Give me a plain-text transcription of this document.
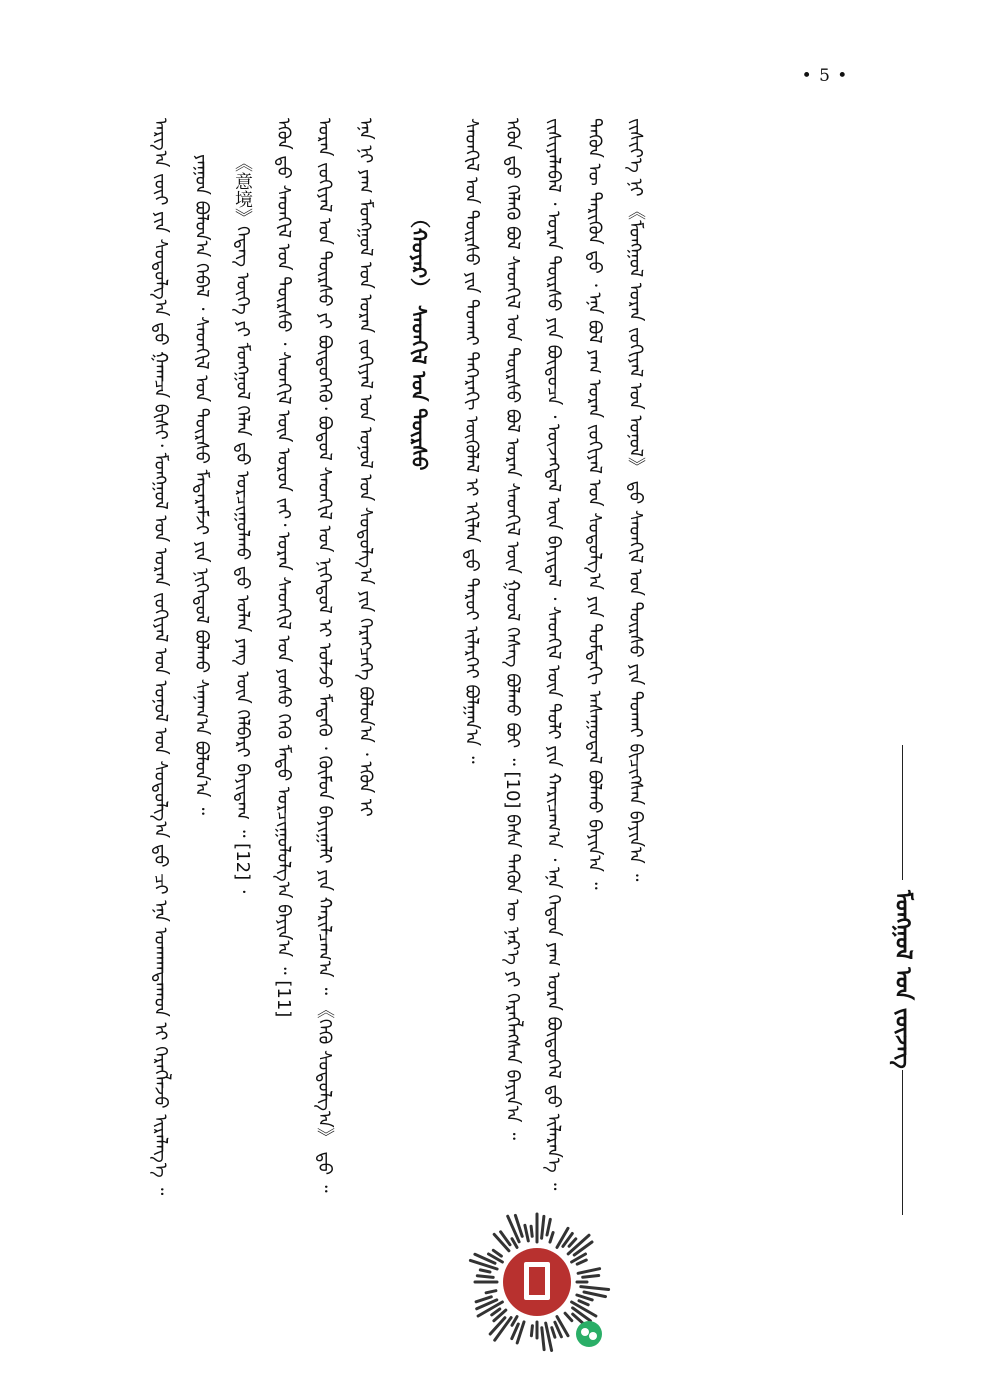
• 5 •
ᠮᠣᠩᠭᠣᠯ ᠤᠨ ᠵᠦᠵᠡᠭ

ᠠᠷᠭ᠎ᠠ ᠵᠦᠢ ᠶᠢᠨ ᠰᠤᠳᠤᠯᠭ᠎ᠠ ᠳ᠋ᠤ᠌ ᠭᠠᠭᠴᠠ ᠪᠢᠰᠢ᠂ ᠮᠣᠩᠭᠣᠯ ᠤᠨ ᠤᠷᠠᠨ ᠵᠣᠬᠢᠶᠠᠯ ᠤᠨ ᠣᠨᠣᠯ ᠤᠨ ᠰᠤᠳᠤᠯᠭ᠎ᠠ ᠳ᠋ᠤ᠌ ᠴᠢ ᠡᠨᠡ ᠤᠬᠠᠭᠳᠠᠬᠤᠨ ᠢ ᠬᠡᠷᠡᠭᠯᠡᠵᠦ ᠢᠷᠡᠯᠡᠭ᠎ᠡ ᠃	ᠶᠠᠭᠤᠨ ᠪᠤᠯᠤᠨ᠎ᠠ ᠭᠡᠪᠡᠯ ᠂ ᠰᠡᠳᠬᠢᠯ ᠤᠨ ᠳᠦᠷᠰᠦ ᠮᠡᠳᠡᠷᠡᠮᠵᠢ ᠶᠢᠨ ᠨᠢᠭᠡᠳᠦᠯ ᠪᠣᠯᠬᠤ ᠰᠠᠨᠠᠭ᠎ᠠ ᠪᠣᠯᠤᠨ᠎ᠠ ᠃	《意境》ᠭᠡᠳᠡᠭ ᠦᠭᠡ ᠶᠢ ᠮᠣᠩᠭᠣᠯ ᠬᠡᠯᠡᠨ ᠳ᠋ᠦ᠍ ᠣᠷᠴᠢᠭᠤᠯᠬᠤ ᠳ᠋ᠤ᠌ ᠣᠯᠠᠨ ᠶᠠᠩ ᠦᠨ ᠬᠡᠯᠪᠡᠷᠢ ᠪᠠᠶᠢᠳᠠᠭ ᠃ [12] ᠂	ᠡᠭᠦᠨ ᠳ᠋ᠦ᠍ ᠰᠡᠳᠬᠢᠯ ᠤᠨ ᠳᠦᠷᠰᠦ ᠂ ᠰᠡᠳᠬᠢᠯ ᠦᠨ ᠣᠷᠣᠨ ᠵᠠᠶ᠂ ᠤᠷᠠᠨ ᠰᠡᠳᠬᠢᠯ ᠤᠨ ᠶᠣᠰᠣ ᠭᠡᠬᠦ ᠮᠡᠲᠦ ᠣᠷᠴᠢᠭᠤᠯᠤᠯᠭ᠎ᠠ ᠪᠠᠶᠢᠨ᠎ᠠ ᠃ [11]	ᠤᠷᠠᠨ ᠵᠣᠬᠢᠶᠠᠯ ᠤᠨ ᠳᠦᠷᠰᠦ ᠶᠢ ᠪᠦᠲᠦᠭᠡᠬᠦ᠂ ᠪᠤᠳᠤᠯ ᠰᠡᠳᠬᠢᠯ ᠤᠨ ᠨᠢᠭᠡᠳᠦᠯ ᠢ ᠣᠯᠵᠤ ᠮᠡᠳᠡᠬᠦ ᠂ ᠬᠦᠮᠦᠨ ᠪᠠᠶᠢᠭᠠᠯᠢ ᠶᠢᠨ ᠬᠠᠷᠢᠯᠴᠠᠭ᠎ᠠ ᠃ 《ᠭᠡᠬᠦ ᠰᠤᠳᠤᠯᠭ᠎ᠠ》 ᠳ᠋ᠤ᠌ ᠃	ᠡᠨᠡ ᠨᠢ ᠶᠠᠭ ᠮᠣᠩᠭᠣᠯ ᠤᠨ ᠤᠷᠠᠨ ᠵᠣᠬᠢᠶᠠᠯ ᠤᠨ ᠣᠨᠣᠯ ᠤᠨ ᠰᠤᠳᠤᠯᠭ᠎ᠠ ᠶᠢᠨ ᠬᠡᠷᠡᠭᠴᠡᠭᠡ ᠪᠣᠯᠤᠨ᠎ᠠ ᠂ ᠡᠭᠦᠨ ᠢ	（ᠬᠣᠶᠠᠷ） ᠰᠡᠳᠬᠢᠯ ᠤᠨ ᠳᠦᠷᠰᠦ	ᠰᠡᠳᠬᠢᠯ ᠤᠨ ᠳᠦᠷᠰᠦ ᠶᠢᠨ ᠲᠤᠬᠠᠢ ᠳᠡᠭᠡᠷᠡᠬᠢ ᠥᠭᠦᠯᠡᠯ ᠢ ᠡᠬᠢᠯᠡᠨ ᠳ᠋ᠦ᠍ ᠳᠠᠷᠤᠢ ᠢᠯᠡᠷᠬᠡᠢ ᠪᠣᠯᠭᠠᠨ᠎ᠠ ᠃	ᠡᠭᠦᠨ ᠳ᠋ᠦ᠍ ᠬᠡᠯᠡᠬᠦ ᠪᠣᠯ ᠰᠡᠳᠬᠢᠯ ᠤᠨ ᠳᠦᠷᠰᠦ ᠪᠣᠯ ᠤᠷᠠᠨ ᠰᠡᠳᠬᠢᠯ ᠦᠨ ᠭᠣᠣᠯ ᠬᠡᠰᠡᠭ ᠪᠣᠯᠬᠤ ᠪᠤᠢ ᠃ [10] ᠪᠠᠰᠠ ᠲᠡᠭᠦᠨ ᠦ ᠨᠡᠷ᠎ᠡ ᠶᠢ ᠬᠡᠷᠡᠭᠯᠡᠭᠰᠡᠨ ᠪᠠᠶᠢᠨ᠎ᠠ ᠃	ᠵᠢᠱᠢᠶᠡᠯᠡᠪᠡᠯ ᠂ ᠤᠷᠠᠨ ᠳᠦᠷᠰᠦ ᠶᠢᠨ ᠪᠦᠲᠦᠴᠡ ᠂ ᠦᠵᠡᠭᠳᠡᠯ ᠦᠨ ᠪᠠᠶᠢᠳᠠᠯ ᠂ ᠰᠡᠳᠬᠢᠯ ᠦᠨ ᠲᠣᠯᠢ ᠶᠢᠨ ᠬᠠᠷᠢᠴᠠᠭ᠎ᠠ ᠂ ᠡᠨᠡ ᠬᠡᠳᠦᠨ ᠶᠠᠭ ᠤᠷᠠᠨ ᠪᠦᠲᠦᠭᠡᠯ ᠳ᠋ᠦ᠍ ᠢᠯᠡᠷᠡᠨ᠎ᠡ ᠃	ᠲᠡᠭᠦᠨ ᠦ ᠲᠡᠷᠢᠭᠦᠨ ᠳ᠋ᠦ᠍ ᠂ ᠡᠨᠡ ᠪᠣᠯ ᠶᠠᠭ ᠤᠷᠠᠨ ᠵᠣᠬᠢᠶᠠᠯ ᠤᠨ ᠰᠤᠳᠤᠯᠭ᠎ᠠ ᠶᠢᠨ ᠳᠤᠮᠳᠠᠬᠢ ᠠᠰᠠᠭᠤᠳᠠᠯ ᠪᠣᠯᠬᠤ ᠪᠠᠶᠢᠨ᠎ᠠ ᠃	ᠵᠢᠱᠢᠶ᠎ᠡ ᠨᠢ 《ᠮᠣᠩᠭᠣᠯ ᠤᠷᠠᠨ ᠵᠣᠬᠢᠶᠠᠯ ᠤᠨ ᠣᠨᠣᠯ》 ᠳ᠋ᠤ᠌ ᠰᠡᠳᠬᠢᠯ ᠤᠨ ᠳᠦᠷᠰᠦ ᠶᠢᠨ ᠲᠤᠬᠠᠢ ᠪᠢᠴᠢᠭᠰᠡᠨ ᠪᠠᠶᠢᠨ᠎ᠠ ᠃
